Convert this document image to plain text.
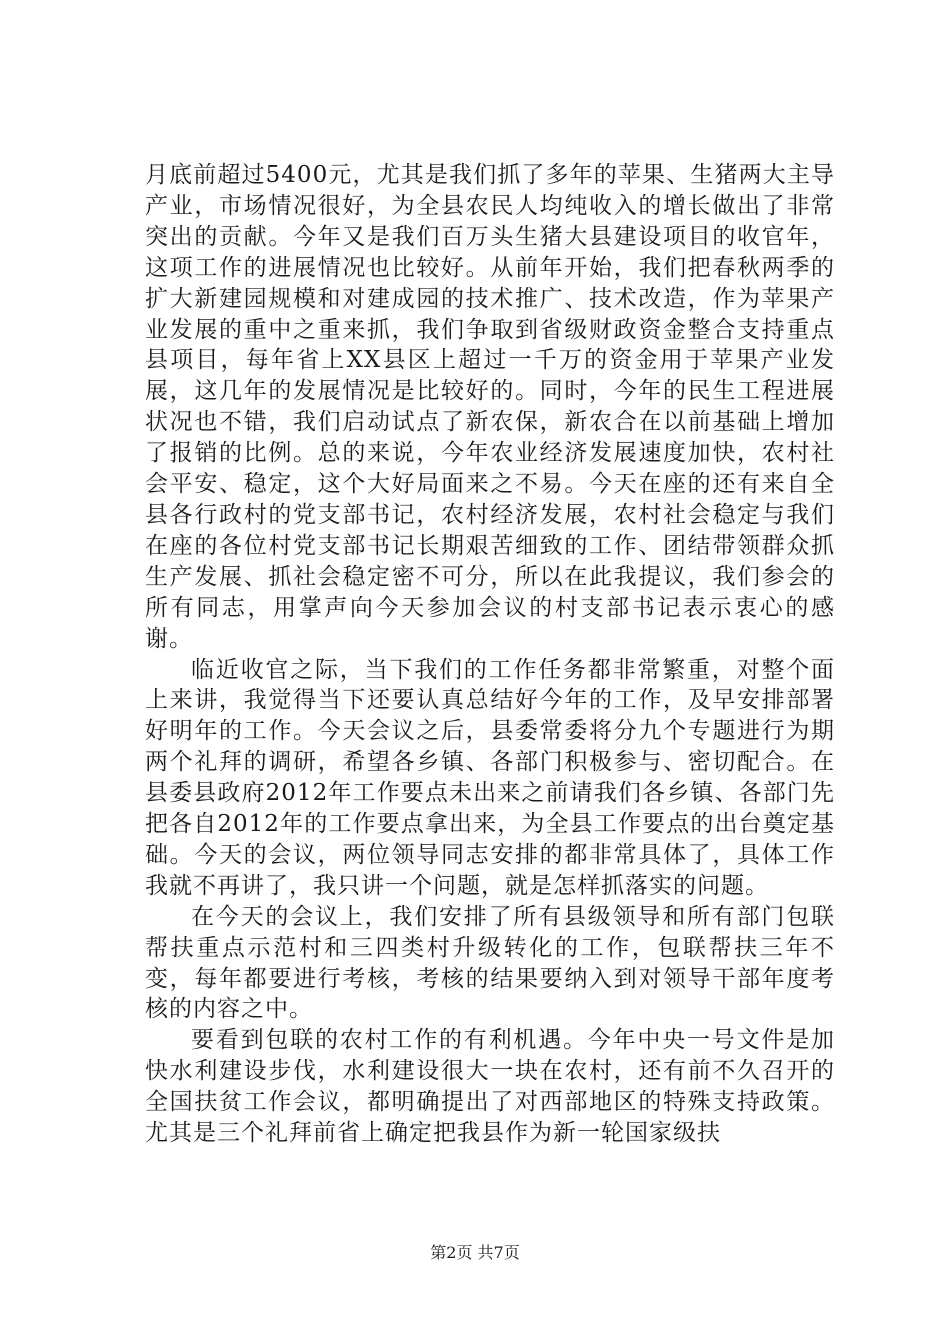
月底前超过5400元，尤其是我们抓了多年的苹果、生猪两大主导产业，市场情况很好，为全县农民人均纯收入的增长做出了非常突出的贡献。今年又是我们百万头生猪大县建设项目的收官年，这项工作的进展情况也比较好。从前年开始，我们把春秋两季的扩大新建园规模和对建成园的技术推广、技术改造，作为苹果产业发展的重中之重来抓，我们争取到省级财政资金整合支持重点县项目，每年省上XX县区上超过一千万的资金用于苹果产业发展，这几年的发展情况是比较好的。同时，今年的民生工程进展状况也不错，我们启动试点了新农保，新农合在以前基础上增加了报销的比例。总的来说，今年农业经济发展速度加快，农村社会平安、稳定，这个大好局面来之不易。今天在座的还有来自全县各行政村的党支部书记，农村经济发展，农村社会稳定与我们在座的各位村党支部书记长期艰苦细致的工作、团结带领群众抓生产发展、抓社会稳定密不可分，所以在此我提议，我们参会的所有同志，用掌声向今天参加会议的村支部书记表示衷心的感谢。

临近收官之际，当下我们的工作任务都非常繁重，对整个面上来讲，我觉得当下还要认真总结好今年的工作，及早安排部署好明年的工作。今天会议之后，县委常委将分九个专题进行为期两个礼拜的调研，希望各乡镇、各部门积极参与、密切配合。在县委县政府2012年工作要点未出来之前请我们各乡镇、各部门先把各自2012年的工作要点拿出来，为全县工作要点的出台奠定基础。今天的会议，两位领导同志安排的都非常具体了，具体工作我就不再讲了，我只讲一个问题，就是怎样抓落实的问题。

在今天的会议上，我们安排了所有县级领导和所有部门包联帮扶重点示范村和三四类村升级转化的工作，包联帮扶三年不变，每年都要进行考核，考核的结果要纳入到对领导干部年度考核的内容之中。

要看到包联的农村工作的有利机遇。今年中央一号文件是加快水利建设步伐，水利建设很大一块在农村，还有前不久召开的全国扶贫工作会议，都明确提出了对西部地区的特殊支持政策。尤其是三个礼拜前省上确定把我县作为新一轮国家级扶

第2页 共7页
